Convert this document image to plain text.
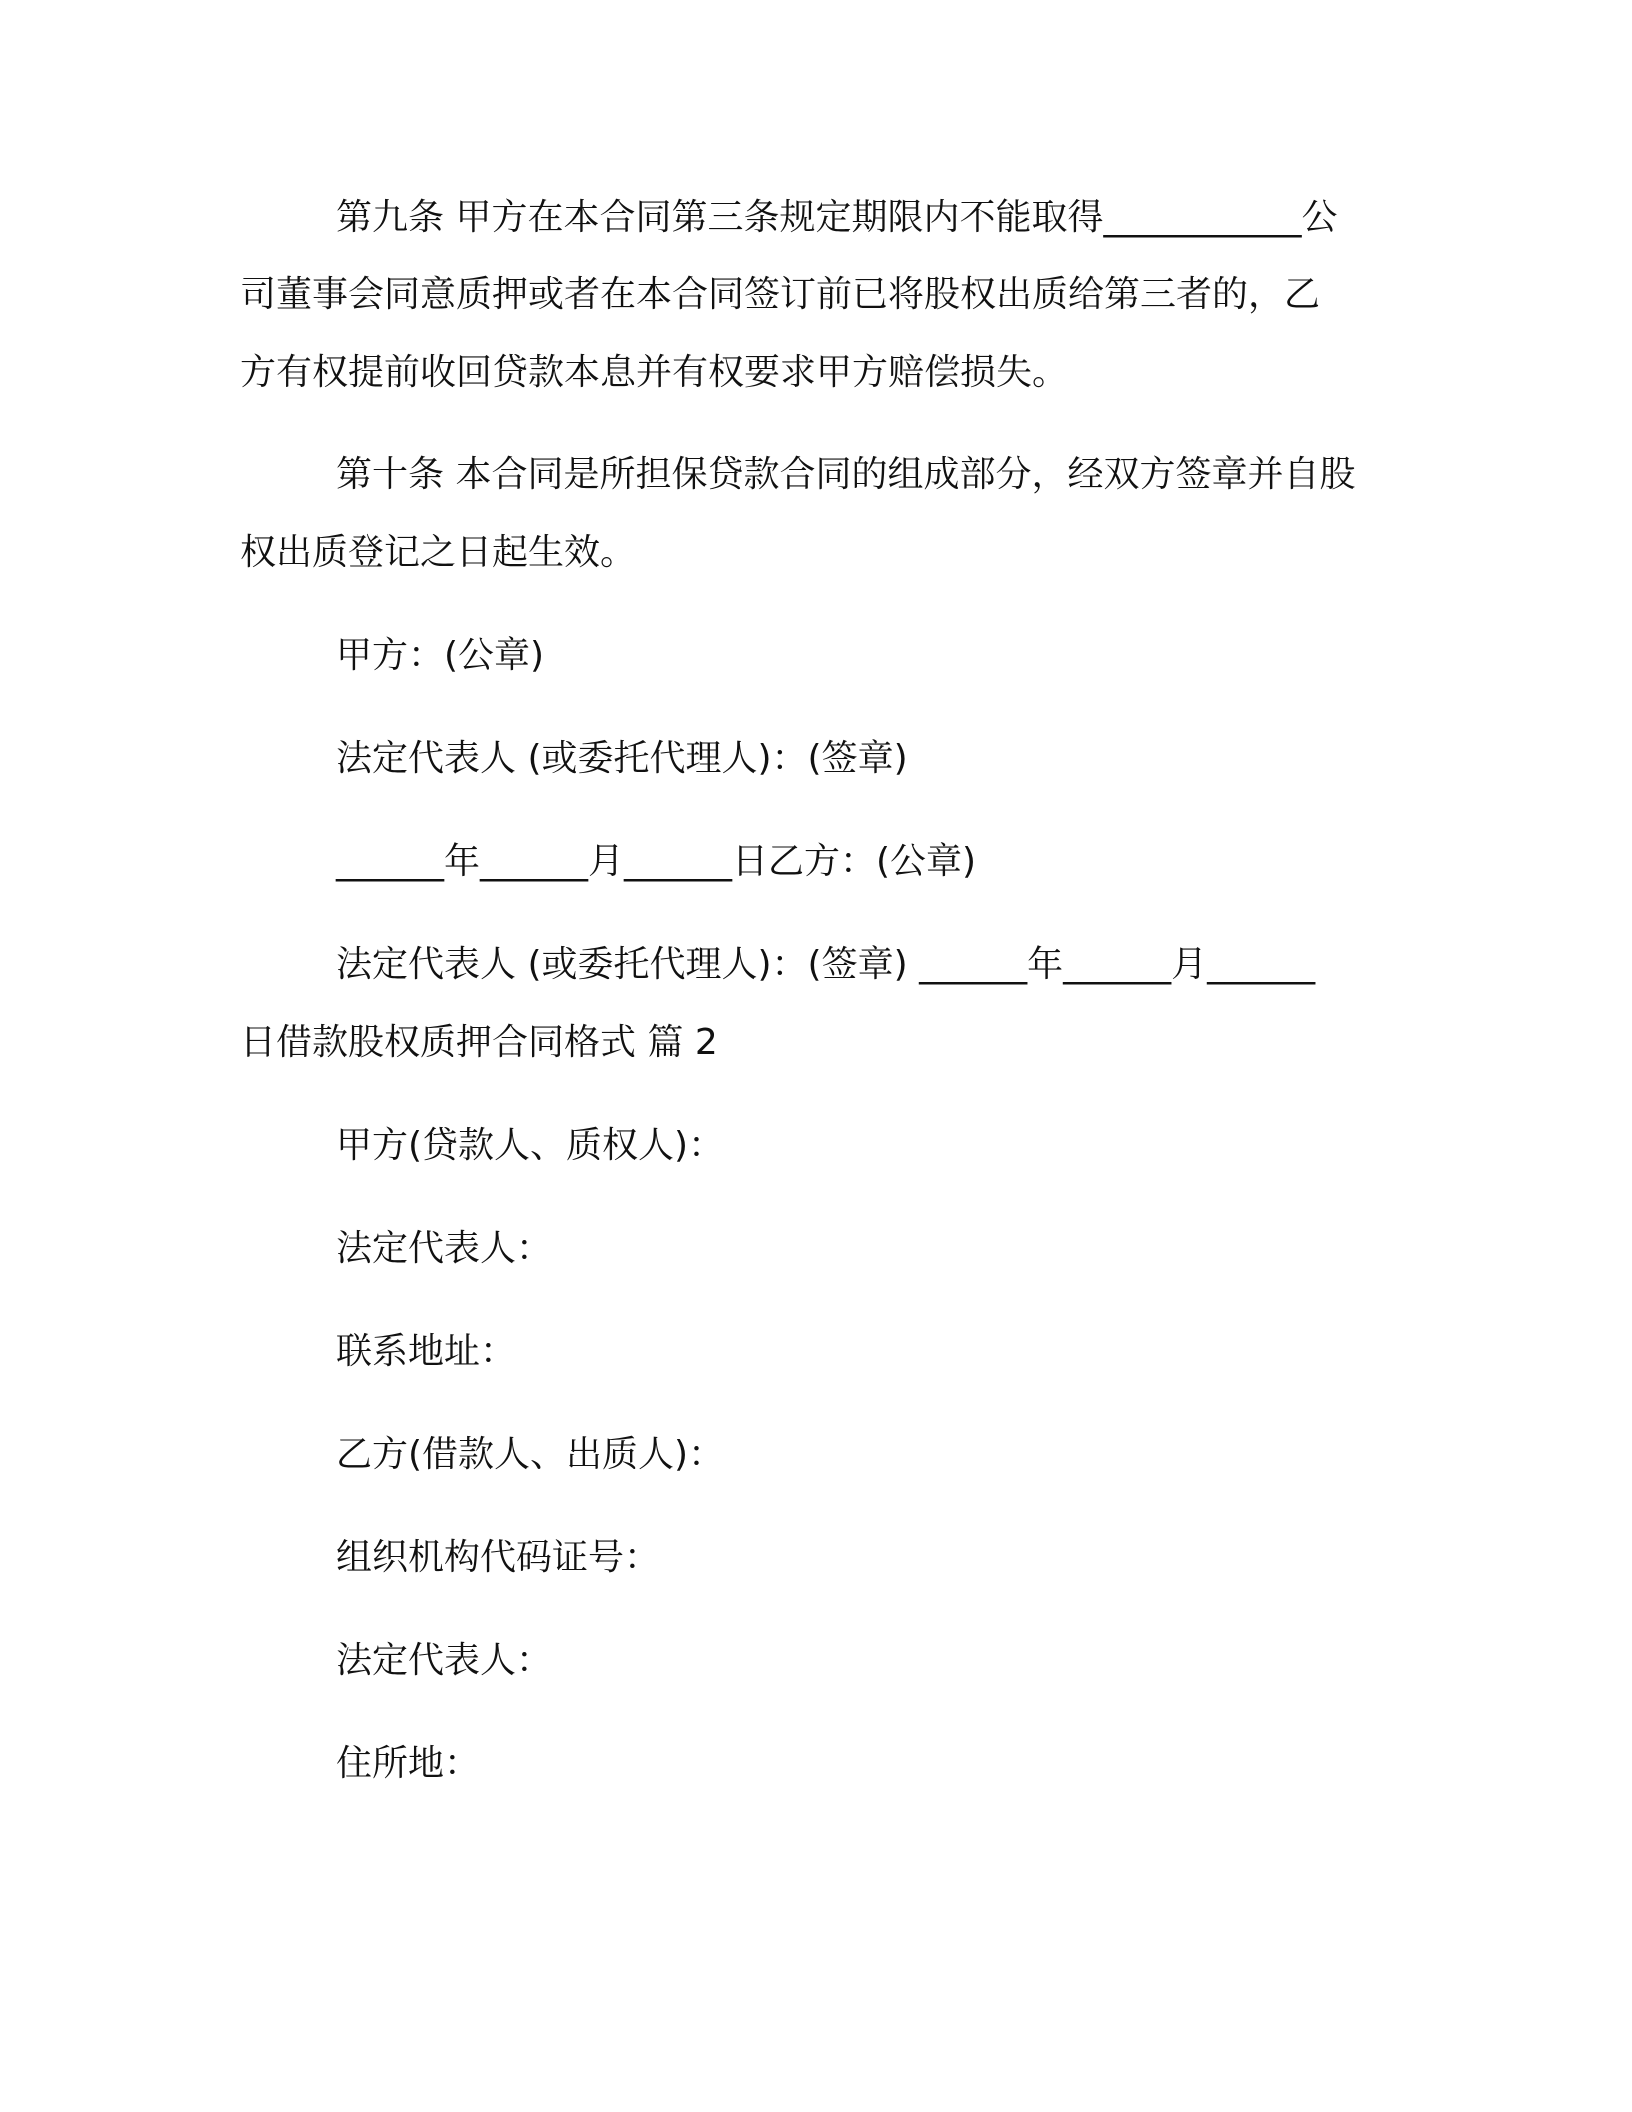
第九条 甲方在本合同第三条规定期限内不能取得___________公
司董事会同意质押或者在本合同签订前已将股权出质给第三者的，乙
方有权提前收回贷款本息并有权要求甲方赔偿损失。
第十条 本合同是所担保贷款合同的组成部分，经双方签章并自股
权出质登记之日起生效。
甲方：(公章)
法定代表人 (或委托代理人)：(签章)
______年______月______日乙方：(公章)
法定代表人 (或委托代理人)：(签章) ______年______月______
日借款股权质押合同格式 篇 2
甲方(贷款人、质权人)：
法定代表人：
联系地址：
乙方(借款人、出质人)：
组织机构代码证号：
法定代表人：
住所地：
